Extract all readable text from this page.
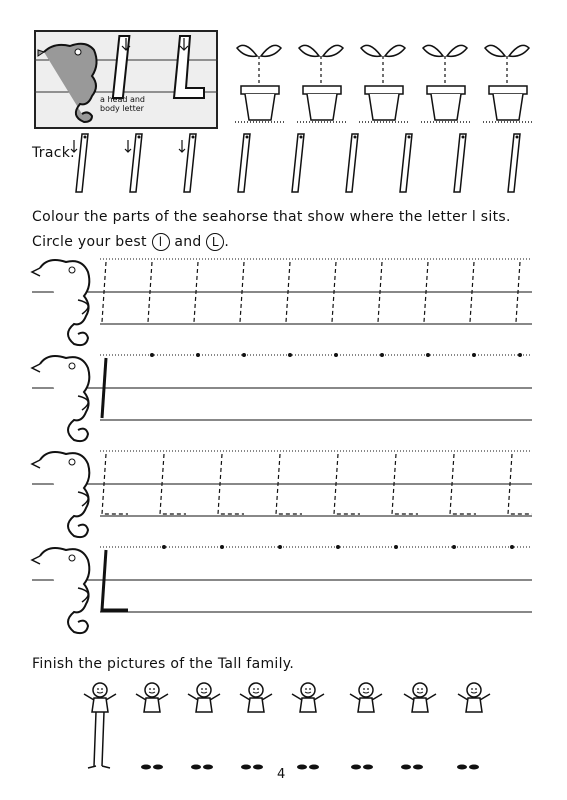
a head and
body letter
Track.
Colour the parts of the seahorse that show where the letter l sits.
Circle your best l and L .
Finish the pictures of the Tall family.
4
